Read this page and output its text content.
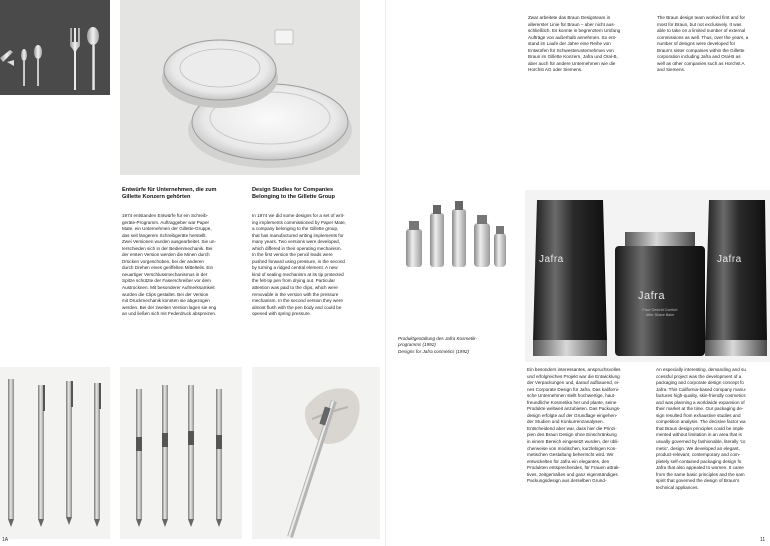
Entwürfe für Unternehmen, die zum
Gillette Konzern gehörten
1974 entstanden Entwürfe für ein Schreib-
geräte-Programm. Auftraggeber war Paper
Mate, ein Unternehmen der Gillette-Gruppe,
das seit längerem Schreibgeräte herstellt.
Zwei Versionen wurden ausgearbeitet. Sie un-
terschieden sich in der Bedienmechanik. Bei
der ersten Version werden die Minen durch
Drücken vorgeschoben, bei der anderen
durch Drehen eines geriffelten Mittelteils. Ein
neuartiger Verschlussmechanismus in der
Spitze schützte der Faserschreiber vor dem
Austrocknen. Mit besonderer Aufmerksamkeit
wurden die Clips gestaltet. Bei der Version
mit Druckmechanik konnten sie abgezogen
werden. Bei der zweiten Version lagen sie eng
an und ließen sich mit Federdruck abspreizen.
Design Studies for Companies
Belonging to the Gillette Group
In 1974 we did some designs for a set of writ-
ing implements commissioned by Paper Mate,
a company belonging to the Gillette group,
that has manufactured writing implements for
many years. Two versions were developed,
which differed in their operating mechanism.
In the first version the pencil leads were
pushed forward using pressure, in the second
by turning a ridged central element. A new
kind of sealing mechanism at its tip protected
the felt-tip pen from drying out. Particular
attention was paid to the clips, which were
removable in the version with the pressure
mechanism. In the second version they were
almost flush with the pen body and could be
opened with spring pressure.
1A
Zwar arbeitete das Braun Designteam in
allererster Linie für Braun – aber nicht aus-
schließlich. Es konnte in begrenztem Umfang
Aufträge von außerhalb annehmen. So ent-
stand im Laufe der Jahre eine Reihe von
Entwürfen für Schwesterunternehmen von
Braun im Gillette Konzern, Jafra und Oral-B,
aber auch für andere Unternehmen wie die
Horchst AG oder Siemens.
The Braun design team worked first and for
most for Braun, but not exclusively. It was
able to take on a limited number of external
commissions as well. Thus, over the years, a
number of designs were developed for
Braun's sister companies within the Gillette
corporation including Jafra and Oral-B as
well as other companies such as Horchst A
and Siemens.
Produktgestaltung des Jafra Kosmetik-
programms (1992)
Designs for Jafra cosmetics (1992)
Jafra
Jafra
Face Gesicht Comfort
After-Shave Balm
Jafra
Ein besonders interessantes, anspruchsvolles
und erfolgreiches Projekt war die Entwicklung
der Verpackungen und, darauf aufbauend, ei-
nes Corporate Design für Jafra. Das kaliforni-
sche Unternehmen stellt hochwertige, haut-
freundliche Kosmetika her und plante, seine
Produkte weltweit anzubieten. Das Packungs-
design erfolgte auf der Grundlage eingehen-
der Studien und Konkurrenzanalysen.
Entscheidend aber war, dass hier die Prinzi-
pien des Braun Design ohne Einschränkung
in einem Bereich eingesetzt wurden, der übli-
cherweise von modischen, kurzlebigen Kos-
metischen Gestaltung beherrscht wird. Wir
entwickelten für Jafra ein elegantes, den
Produkten entsprechendes, für Frauen attrak-
tives, zeitgemäßes und ganz eigenständiges
Packungsdesign aus derselben Grund-
An especially interesting, demanding and su
ccessful project was the development of a
packaging and corporate design concept fo
Jafra. This California-based company manu-
factures high-quality, skin-friendly cosmetics
and was planning a worldwide expansion of
their market at the time. Our packaging de-
sign resulted from exhaustive studies and
competition analysis. The decisive factor wa
that Braun design principles could be imple
mented without limitation in an area that is
usually governed by fashionable, literally 'co
metic', design. We developed an elegant,
product-relevant, contemporary and com-
pletely self-contained packaging design fo
Jafra that also appealed to women. It came
from the same basic principles and the sam
spirit that governed the design of Braun's
technical appliances.
11
